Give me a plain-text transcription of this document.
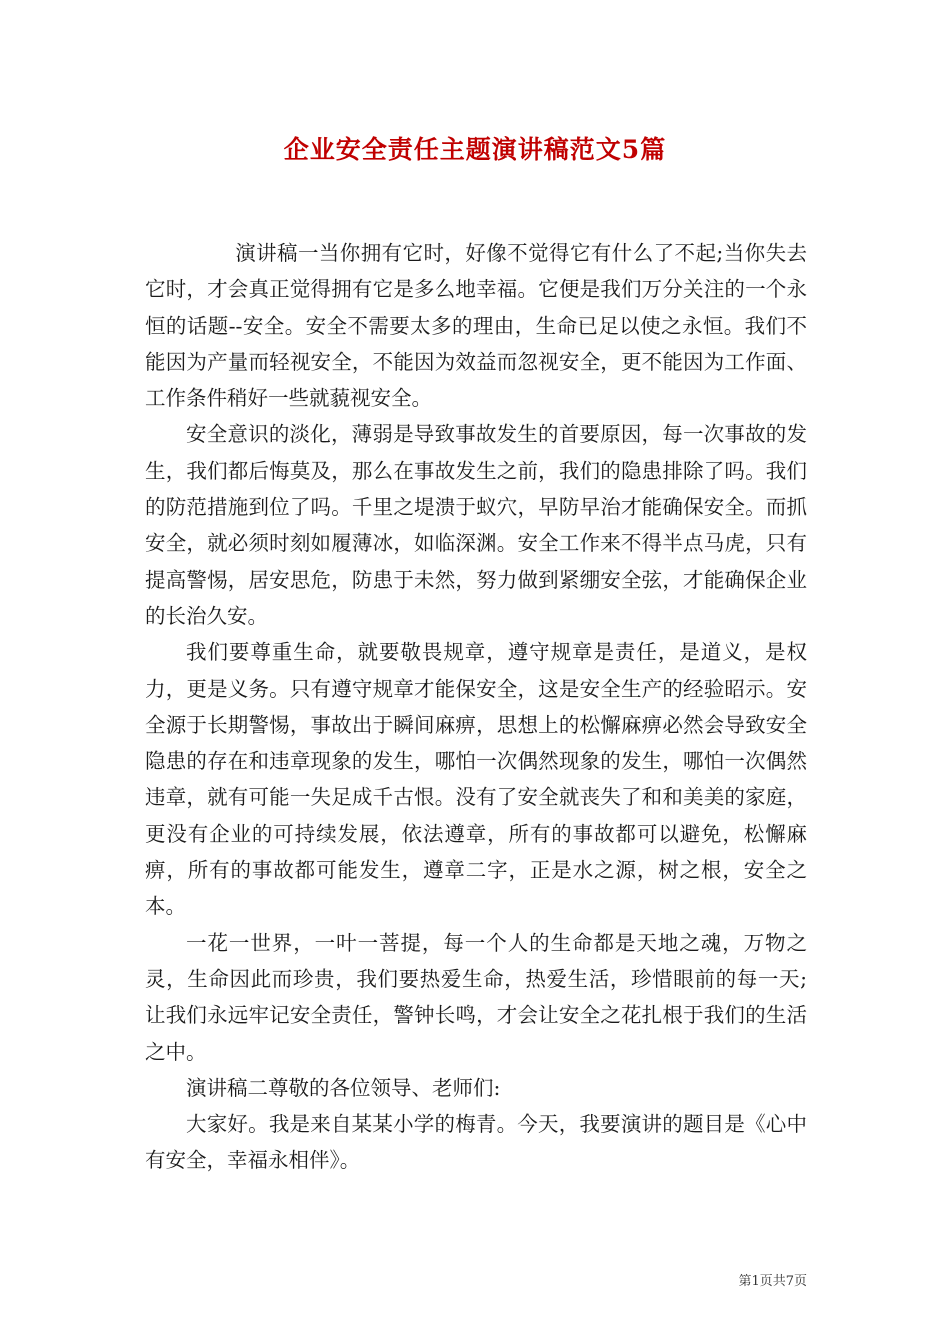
企业安全责任主题演讲稿范文5篇

演讲稿一当你拥有它时，好像不觉得它有什么了不起;当你失去它时，才会真正觉得拥有它是多么地幸福。它便是我们万分关注的一个永恒的话题--安全。安全不需要太多的理由，生命已足以使之永恒。我们不能因为产量而轻视安全，不能因为效益而忽视安全，更不能因为工作面、工作条件稍好一些就藐视安全。

安全意识的淡化，薄弱是导致事故发生的首要原因，每一次事故的发生，我们都后悔莫及，那么在事故发生之前，我们的隐患排除了吗。我们的防范措施到位了吗。千里之堤溃于蚁穴，早防早治才能确保安全。而抓安全，就必须时刻如履薄冰，如临深渊。安全工作来不得半点马虎，只有提高警惕，居安思危，防患于未然，努力做到紧绷安全弦，才能确保企业的长治久安。

我们要尊重生命，就要敬畏规章，遵守规章是责任，是道义，是权力，更是义务。只有遵守规章才能保安全，这是安全生产的经验昭示。安全源于长期警惕，事故出于瞬间麻痹，思想上的松懈麻痹必然会导致安全隐患的存在和违章现象的发生，哪怕一次偶然现象的发生，哪怕一次偶然违章，就有可能一失足成千古恨。没有了安全就丧失了和和美美的家庭，更没有企业的可持续发展，依法遵章，所有的事故都可以避免，松懈麻痹，所有的事故都可能发生，遵章二字，正是水之源，树之根，安全之本。

一花一世界，一叶一菩提，每一个人的生命都是天地之魂，万物之灵，生命因此而珍贵，我们要热爱生命，热爱生活，珍惜眼前的每一天;让我们永远牢记安全责任，警钟长鸣，才会让安全之花扎根于我们的生活之中。

演讲稿二尊敬的各位领导、老师们:

大家好。我是来自某某小学的梅青。今天，我要演讲的题目是《心中有安全，幸福永相伴》。

第1页共7页
